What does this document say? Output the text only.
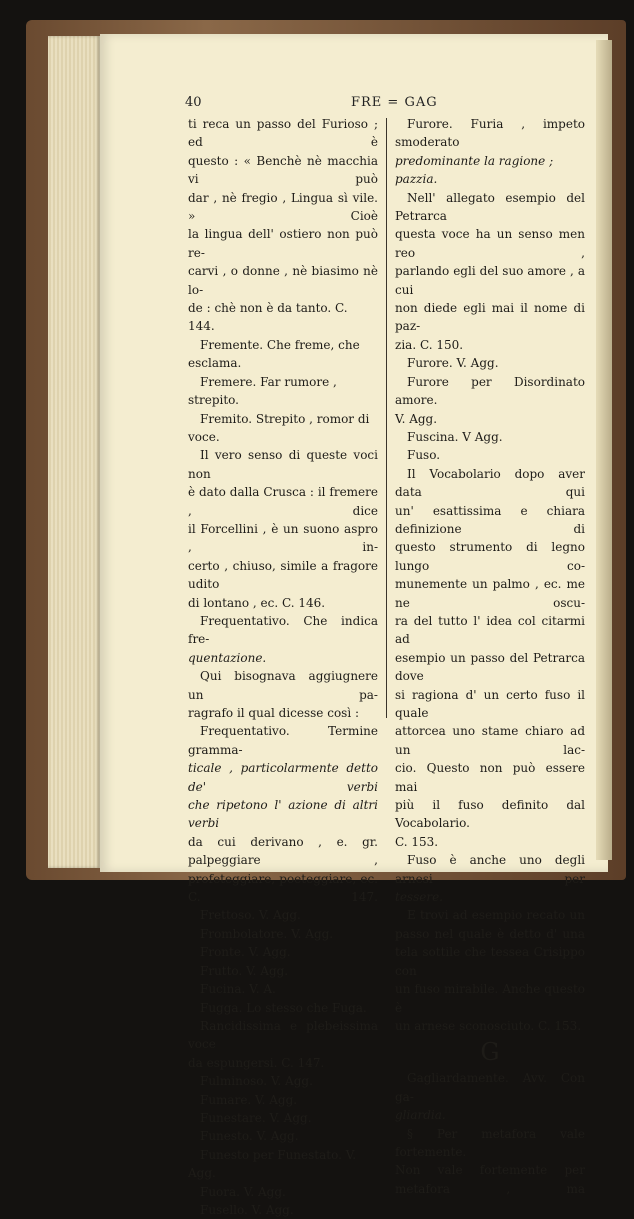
40	FRE = GAG

ti reca un passo del Furioso ; ed è

questo : « Benchè nè macchia vi può

dar , nè fregio , Lingua sì vile. » Cioè

la lingua dell' ostiero non può re-

carvi , o donne , nè biasimo nè lo-

de : chè non è da tanto. C. 144.

Fremente. Che freme, che esclama.

Fremere. Far rumore , strepito.

Fremito. Strepito , romor di voce.

Il vero senso di queste voci non

è dato dalla Crusca : il fremere , dice

il Forcellini , è un suono aspro , in-

certo , chiuso, simile a fragore udito

di lontano , ec. C. 146.

Frequentativo. Che indica fre-

quentazione.

Qui bisognava aggiugnere un pa-

ragrafo il qual dicesse così :

Frequentativo. Termine gramma-

ticale , particolarmente detto de' verbi

che ripetono l' azione di altri verbi

da cui derivano , e. gr. palpeggiare ,

profeteggiare, poeteggiare, ec. C. 147.

Frettoso. V. Agg.

Frombolatore. V. Agg.

Fronte. V. Agg.

Frutto. V. Agg.

Fucina. V. A.

Fugga. Lo stesso che Fuga.

Rancidissima e plebeissima voce

da espungersi. C. 147.

Fulminoso. V. Agg.

Fumare. V. Agg.

Funestare. V. Agg.

Funesto. V. Agg.

Funesto per Funestato. V. Agg.

Fuora. V. Agg.

Fusello. V. Agg.

Furore. Furia , impeto smoderato

predominante la ragione ; pazzia.

Nell' allegato esempio del Petrarca

questa voce ha un senso men reo ,

parlando egli del suo amore , a cui

non diede egli mai il nome di paz-

zia. C. 150.

Furore. V. Agg.

Furore per Disordinato amore.

V. Agg.

Fuscina. V Agg.

Fuso.

Il Vocabolario dopo aver data qui

un' esattissima e chiara definizione di

questo strumento di legno lungo co-

munemente un palmo , ec. me ne oscu-

ra del tutto l' idea col citarmi ad

esempio un passo del Petrarca dove

si ragiona d' un certo fuso il quale

attorcea uno stame chiaro ad un lac-

cio. Questo non può essere mai

più il fuso definito dal Vocabolario.

C. 153.

Fuso è anche uno degli arnesi per

tessere.

E trovi ad esempio recato un

passo nel quale è detto d' una

tela sottile che tessea Crisippo con

un fuso mirabile. Anche questo è

un arnese sconosciuto. C. 153.

G

Gagliardamente. Avv. Con ga-

gliardia.

§ Per metafora vale fortemente.

Non vale fortemente per metafora , ma
